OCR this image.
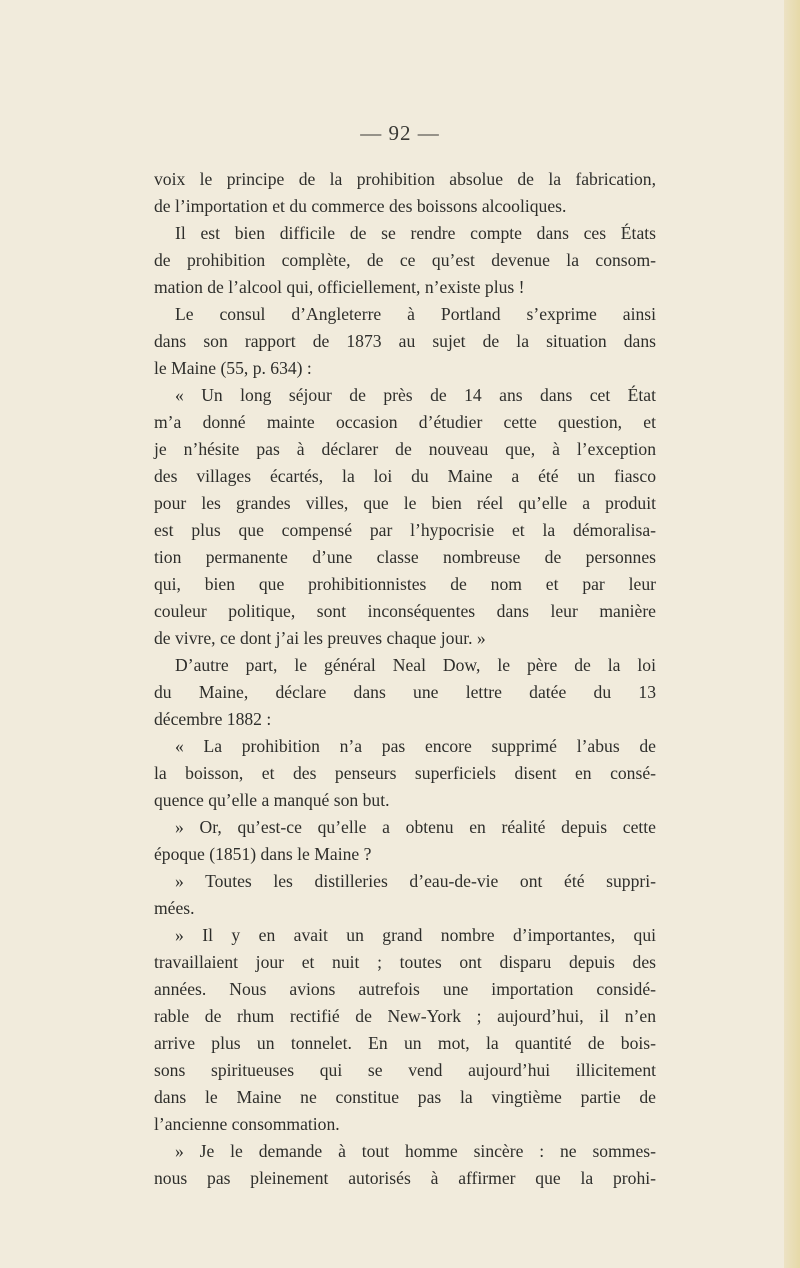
— 92 —
voix le principe de la prohibition absolue de la fabrication,
de l’importation et du commerce des boissons alcooliques.
Il est bien difficile de se rendre compte dans ces États
de prohibition complète, de ce qu’est devenue la consom-
mation de l’alcool qui, officiellement, n’existe plus !
Le consul d’Angleterre à Portland s’exprime ainsi
dans son rapport de 1873 au sujet de la situation dans
le Maine (55, p. 634) :
« Un long séjour de près de 14 ans dans cet État
m’a donné mainte occasion d’étudier cette question, et
je n’hésite pas à déclarer de nouveau que, à l’exception
des villages écartés, la loi du Maine a été un fiasco
pour les grandes villes, que le bien réel qu’elle a produit
est plus que compensé par l’hypocrisie et la démoralisa-
tion permanente d’une classe nombreuse de personnes
qui, bien que prohibitionnistes de nom et par leur
couleur politique, sont inconséquentes dans leur manière
de vivre, ce dont j’ai les preuves chaque jour. »
D’autre part, le général Neal Dow, le père de la loi
du Maine, déclare dans une lettre datée du 13
décembre 1882 :
« La prohibition n’a pas encore supprimé l’abus de
la boisson, et des penseurs superficiels disent en consé-
quence qu’elle a manqué son but.
» Or, qu’est-ce qu’elle a obtenu en réalité depuis cette
époque (1851) dans le Maine ?
» Toutes les distilleries d’eau-de-vie ont été suppri-
mées.
» Il y en avait un grand nombre d’importantes, qui
travaillaient jour et nuit ; toutes ont disparu depuis des
années. Nous avions autrefois une importation considé-
rable de rhum rectifié de New-York ; aujourd’hui, il n’en
arrive plus un tonnelet. En un mot, la quantité de bois-
sons spiritueuses qui se vend aujourd’hui illicitement
dans le Maine ne constitue pas la vingtième partie de
l’ancienne consommation.
» Je le demande à tout homme sincère : ne sommes-
nous pas pleinement autorisés à affirmer que la prohi-
